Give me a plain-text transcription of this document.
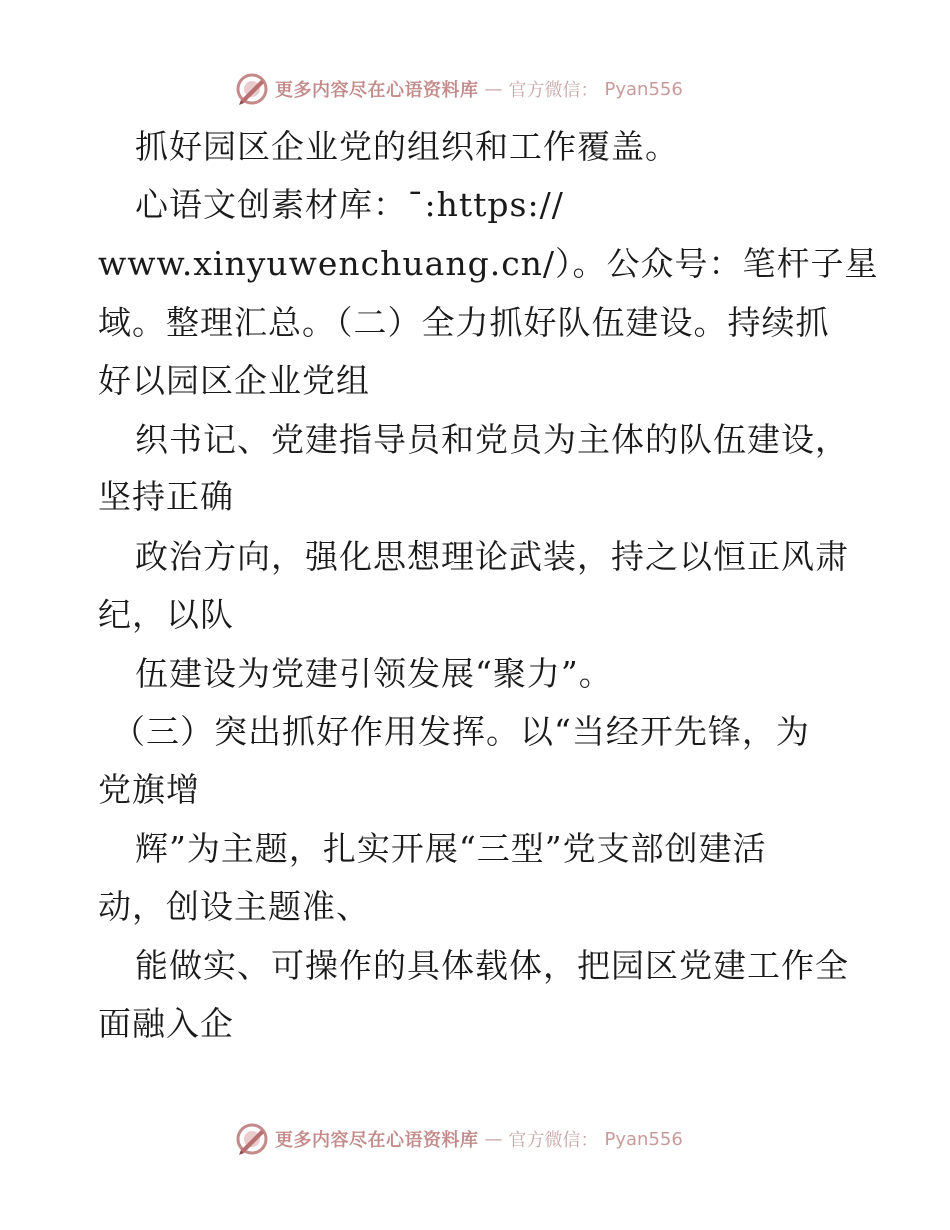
更多内容尽在心语资料库 — 官方微信： Pyan556
抓好园区企业党的组织和工作覆盖。
心语文创素材库：¯:https://
www.xinyuwenchuang.cn/）。公众号：笔杆子星
域。整理汇总。（二）全力抓好队伍建设。持续抓
好以园区企业党组
织书记、党建指导员和党员为主体的队伍建设，
坚持正确
政治方向，强化思想理论武装，持之以恒正风肃
纪，以队
伍建设为党建引领发展“聚力”。
（三）突出抓好作用发挥。以“当经开先锋，为
党旗增
辉”为主题，扎实开展“三型”党支部创建活
动，创设主题准、
能做实、可操作的具体载体，把园区党建工作全
面融入企
更多内容尽在心语资料库 — 官方微信： Pyan556
